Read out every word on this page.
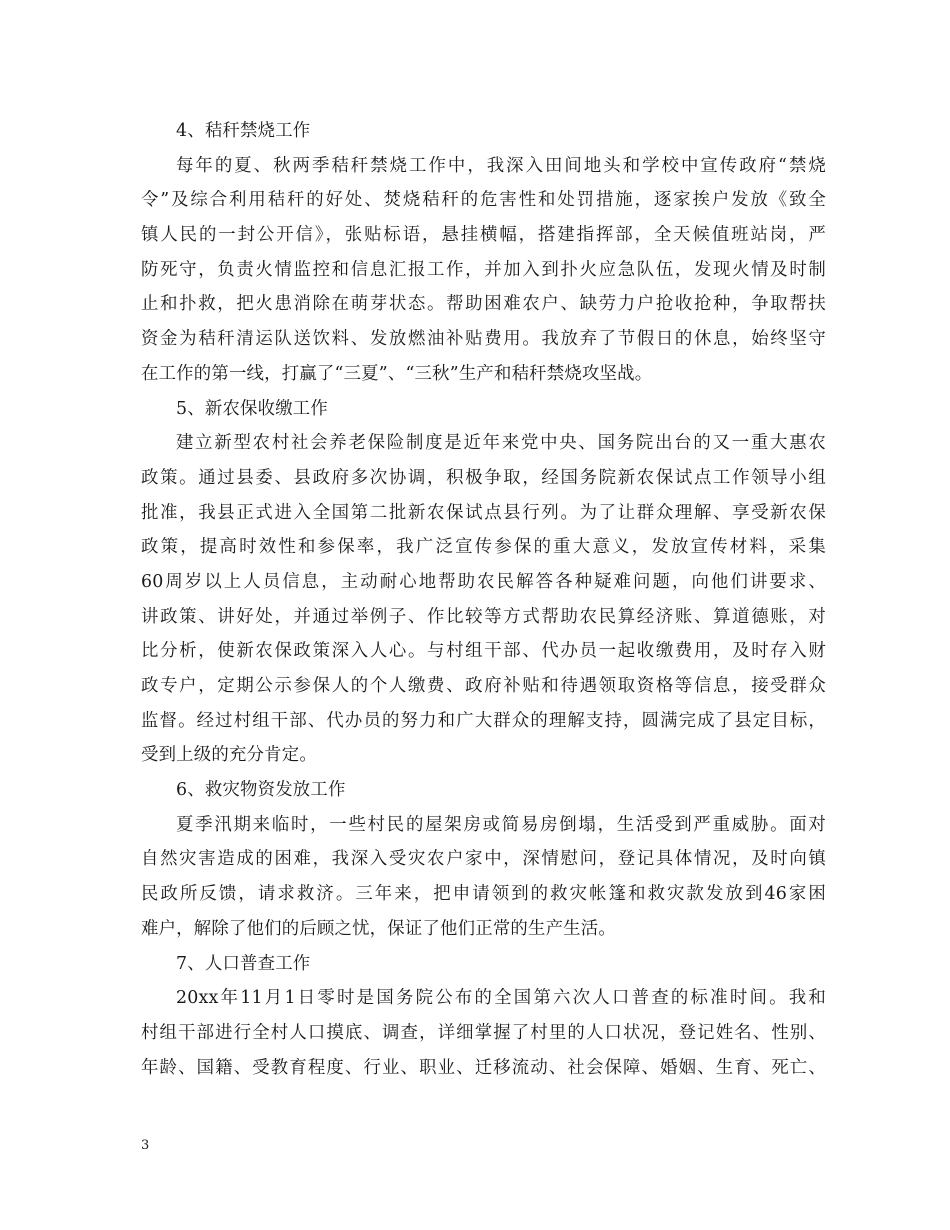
4、秸秆禁烧工作
每年的夏、秋两季秸秆禁烧工作中，我深入田间地头和学校中宣传政府“禁烧
令”及综合利用秸秆的好处、焚烧秸秆的危害性和处罚措施，逐家挨户发放《致全
镇人民的一封公开信》，张贴标语，悬挂横幅，搭建指挥部，全天候值班站岗，严
防死守，负责火情监控和信息汇报工作，并加入到扑火应急队伍，发现火情及时制
止和扑救，把火患消除在萌芽状态。帮助困难农户、缺劳力户抢收抢种，争取帮扶
资金为秸秆清运队送饮料、发放燃油补贴费用。我放弃了节假日的休息，始终坚守
在工作的第一线，打赢了“三夏”、“三秋”生产和秸秆禁烧攻坚战。
5、新农保收缴工作
建立新型农村社会养老保险制度是近年来党中央、国务院出台的又一重大惠农
政策。通过县委、县政府多次协调，积极争取，经国务院新农保试点工作领导小组
批准，我县正式进入全国第二批新农保试点县行列。为了让群众理解、享受新农保
政策，提高时效性和参保率，我广泛宣传参保的重大意义，发放宣传材料，采集
60周岁以上人员信息，主动耐心地帮助农民解答各种疑难问题，向他们讲要求、
讲政策、讲好处，并通过举例子、作比较等方式帮助农民算经济账、算道德账，对
比分析，使新农保政策深入人心。与村组干部、代办员一起收缴费用，及时存入财
政专户，定期公示参保人的个人缴费、政府补贴和待遇领取资格等信息，接受群众
监督。经过村组干部、代办员的努力和广大群众的理解支持，圆满完成了县定目标，
受到上级的充分肯定。
6、救灾物资发放工作
夏季汛期来临时，一些村民的屋架房或简易房倒塌，生活受到严重威胁。面对
自然灾害造成的困难，我深入受灾农户家中，深情慰问，登记具体情况，及时向镇
民政所反馈，请求救济。三年来，把申请领到的救灾帐篷和救灾款发放到46家困
难户，解除了他们的后顾之忧，保证了他们正常的生产生活。
7、人口普查工作
20xx年11月1日零时是国务院公布的全国第六次人口普查的标准时间。我和
村组干部进行全村人口摸底、调查，详细掌握了村里的人口状况，登记姓名、性别、
年龄、国籍、受教育程度、行业、职业、迁移流动、社会保障、婚姻、生育、死亡、
3
